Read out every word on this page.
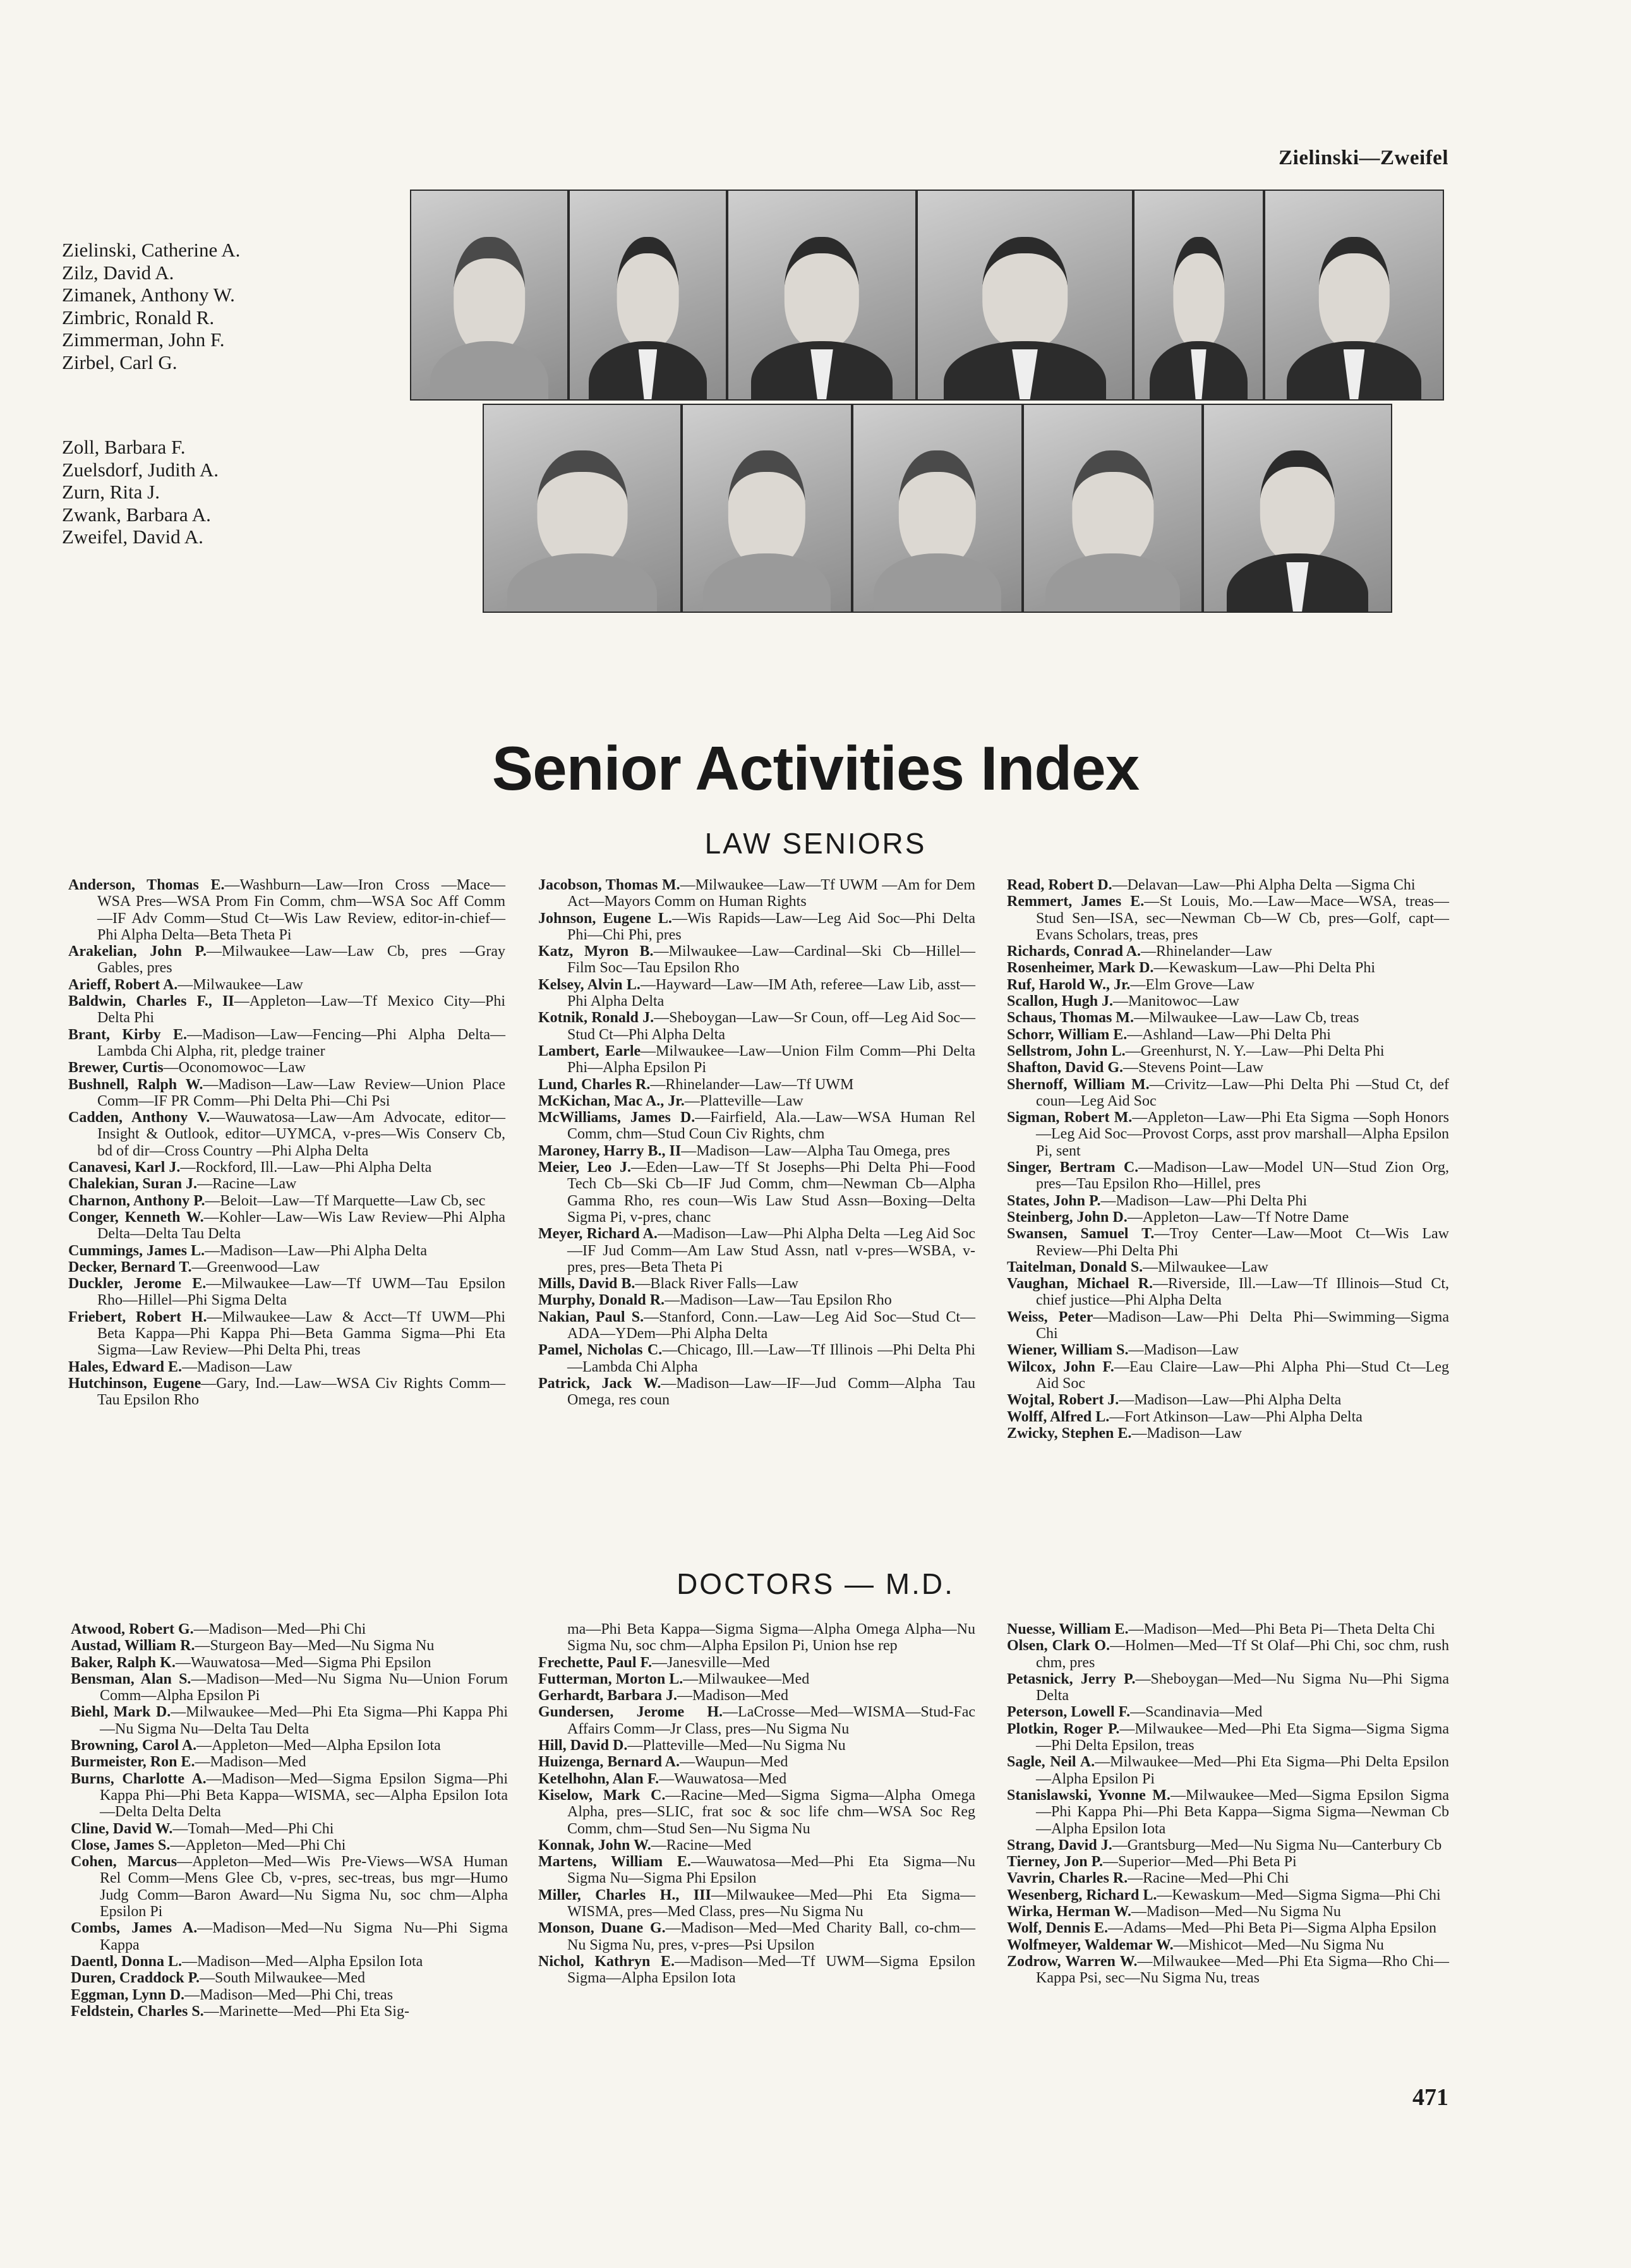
Zielinski—Zweifel
Zielinski, Catherine A.
Zilz, David A.
Zimanek, Anthony W.
Zimbric, Ronald R.
Zimmerman, John F.
Zirbel, Carl G.
Zoll, Barbara F.
Zuelsdorf, Judith A.
Zurn, Rita J.
Zwank, Barbara A.
Zweifel, David A.
Senior Activities Index
LAW SENIORS
Anderson, Thomas E.—Washburn—Law—Iron Cross —Mace—WSA Pres—WSA Prom Fin Comm, chm—WSA Soc Aff Comm—IF Adv Comm—Stud Ct—Wis Law Review, editor-in-chief—Phi Alpha Delta—Beta Theta Pi
Arakelian, John P.—Milwaukee—Law—Law Cb, pres —Gray Gables, pres
Arieff, Robert A.—Milwaukee—Law
Baldwin, Charles F., II—Appleton—Law—Tf Mexico City—Phi Delta Phi
Brant, Kirby E.—Madison—Law—Fencing—Phi Alpha Delta—Lambda Chi Alpha, rit, pledge trainer
Brewer, Curtis—Oconomowoc—Law
Bushnell, Ralph W.—Madison—Law—Law Review—Union Place Comm—IF PR Comm—Phi Delta Phi—Chi Psi
Cadden, Anthony V.—Wauwatosa—Law—Am Advocate, editor—Insight & Outlook, editor—UYMCA, v-pres—Wis Conserv Cb, bd of dir—Cross Country —Phi Alpha Delta
Canavesi, Karl J.—Rockford, Ill.—Law—Phi Alpha Delta
Chalekian, Suran J.—Racine—Law
Charnon, Anthony P.—Beloit—Law—Tf Marquette—Law Cb, sec
Conger, Kenneth W.—Kohler—Law—Wis Law Review—Phi Alpha Delta—Delta Tau Delta
Cummings, James L.—Madison—Law—Phi Alpha Delta
Decker, Bernard T.—Greenwood—Law
Duckler, Jerome E.—Milwaukee—Law—Tf UWM—Tau Epsilon Rho—Hillel—Phi Sigma Delta
Friebert, Robert H.—Milwaukee—Law & Acct—Tf UWM—Phi Beta Kappa—Phi Kappa Phi—Beta Gamma Sigma—Phi Eta Sigma—Law Review—Phi Delta Phi, treas
Hales, Edward E.—Madison—Law
Hutchinson, Eugene—Gary, Ind.—Law—WSA Civ Rights Comm—Tau Epsilon Rho
Jacobson, Thomas M.—Milwaukee—Law—Tf UWM —Am for Dem Act—Mayors Comm on Human Rights
Johnson, Eugene L.—Wis Rapids—Law—Leg Aid Soc—Phi Delta Phi—Chi Phi, pres
Katz, Myron B.—Milwaukee—Law—Cardinal—Ski Cb—Hillel—Film Soc—Tau Epsilon Rho
Kelsey, Alvin L.—Hayward—Law—IM Ath, referee—Law Lib, asst—Phi Alpha Delta
Kotnik, Ronald J.—Sheboygan—Law—Sr Coun, off—Leg Aid Soc—Stud Ct—Phi Alpha Delta
Lambert, Earle—Milwaukee—Law—Union Film Comm—Phi Delta Phi—Alpha Epsilon Pi
Lund, Charles R.—Rhinelander—Law—Tf UWM
McKichan, Mac A., Jr.—Platteville—Law
McWilliams, James D.—Fairfield, Ala.—Law—WSA Human Rel Comm, chm—Stud Coun Civ Rights, chm
Maroney, Harry B., II—Madison—Law—Alpha Tau Omega, pres
Meier, Leo J.—Eden—Law—Tf St Josephs—Phi Delta Phi—Food Tech Cb—Ski Cb—IF Jud Comm, chm—Newman Cb—Alpha Gamma Rho, res coun—Wis Law Stud Assn—Boxing—Delta Sigma Pi, v-pres, chanc
Meyer, Richard A.—Madison—Law—Phi Alpha Delta —Leg Aid Soc—IF Jud Comm—Am Law Stud Assn, natl v-pres—WSBA, v-pres, pres—Beta Theta Pi
Mills, David B.—Black River Falls—Law
Murphy, Donald R.—Madison—Law—Tau Epsilon Rho
Nakian, Paul S.—Stanford, Conn.—Law—Leg Aid Soc—Stud Ct—ADA—YDem—Phi Alpha Delta
Pamel, Nicholas C.—Chicago, Ill.—Law—Tf Illinois —Phi Delta Phi—Lambda Chi Alpha
Patrick, Jack W.—Madison—Law—IF—Jud Comm—Alpha Tau Omega, res coun
Read, Robert D.—Delavan—Law—Phi Alpha Delta —Sigma Chi
Remmert, James E.—St Louis, Mo.—Law—Mace—WSA, treas—Stud Sen—ISA, sec—Newman Cb—W Cb, pres—Golf, capt—Evans Scholars, treas, pres
Richards, Conrad A.—Rhinelander—Law
Rosenheimer, Mark D.—Kewaskum—Law—Phi Delta Phi
Ruf, Harold W., Jr.—Elm Grove—Law
Scallon, Hugh J.—Manitowoc—Law
Schaus, Thomas M.—Milwaukee—Law—Law Cb, treas
Schorr, William E.—Ashland—Law—Phi Delta Phi
Sellstrom, John L.—Greenhurst, N. Y.—Law—Phi Delta Phi
Shafton, David G.—Stevens Point—Law
Shernoff, William M.—Crivitz—Law—Phi Delta Phi —Stud Ct, def coun—Leg Aid Soc
Sigman, Robert M.—Appleton—Law—Phi Eta Sigma —Soph Honors—Leg Aid Soc—Provost Corps, asst prov marshall—Alpha Epsilon Pi, sent
Singer, Bertram C.—Madison—Law—Model UN—Stud Zion Org, pres—Tau Epsilon Rho—Hillel, pres
States, John P.—Madison—Law—Phi Delta Phi
Steinberg, John D.—Appleton—Law—Tf Notre Dame
Swansen, Samuel T.—Troy Center—Law—Moot Ct—Wis Law Review—Phi Delta Phi
Taitelman, Donald S.—Milwaukee—Law
Vaughan, Michael R.—Riverside, Ill.—Law—Tf Illinois—Stud Ct, chief justice—Phi Alpha Delta
Weiss, Peter—Madison—Law—Phi Delta Phi—Swimming—Sigma Chi
Wiener, William S.—Madison—Law
Wilcox, John F.—Eau Claire—Law—Phi Alpha Phi—Stud Ct—Leg Aid Soc
Wojtal, Robert J.—Madison—Law—Phi Alpha Delta
Wolff, Alfred L.—Fort Atkinson—Law—Phi Alpha Delta
Zwicky, Stephen E.—Madison—Law
DOCTORS — M.D.
Atwood, Robert G.—Madison—Med—Phi Chi
Austad, William R.—Sturgeon Bay—Med—Nu Sigma Nu
Baker, Ralph K.—Wauwatosa—Med—Sigma Phi Epsilon
Bensman, Alan S.—Madison—Med—Nu Sigma Nu—Union Forum Comm—Alpha Epsilon Pi
Biehl, Mark D.—Milwaukee—Med—Phi Eta Sigma—Phi Kappa Phi—Nu Sigma Nu—Delta Tau Delta
Browning, Carol A.—Appleton—Med—Alpha Epsilon Iota
Burmeister, Ron E.—Madison—Med
Burns, Charlotte A.—Madison—Med—Sigma Epsilon Sigma—Phi Kappa Phi—Phi Beta Kappa—WISMA, sec—Alpha Epsilon Iota—Delta Delta Delta
Cline, David W.—Tomah—Med—Phi Chi
Close, James S.—Appleton—Med—Phi Chi
Cohen, Marcus—Appleton—Med—Wis Pre-Views—WSA Human Rel Comm—Mens Glee Cb, v-pres, sec-treas, bus mgr—Humo Judg Comm—Baron Award—Nu Sigma Nu, soc chm—Alpha Epsilon Pi
Combs, James A.—Madison—Med—Nu Sigma Nu—Phi Sigma Kappa
Daentl, Donna L.—Madison—Med—Alpha Epsilon Iota
Duren, Craddock P.—South Milwaukee—Med
Eggman, Lynn D.—Madison—Med—Phi Chi, treas
Feldstein, Charles S.—Marinette—Med—Phi Eta Sig-
ma—Phi Beta Kappa—Sigma Sigma—Alpha Omega Alpha—Nu Sigma Nu, soc chm—Alpha Epsilon Pi, Union hse rep
Frechette, Paul F.—Janesville—Med
Futterman, Morton L.—Milwaukee—Med
Gerhardt, Barbara J.—Madison—Med
Gundersen, Jerome H.—LaCrosse—Med—WISMA—Stud-Fac Affairs Comm—Jr Class, pres—Nu Sigma Nu
Hill, David D.—Platteville—Med—Nu Sigma Nu
Huizenga, Bernard A.—Waupun—Med
Ketelhohn, Alan F.—Wauwatosa—Med
Kiselow, Mark C.—Racine—Med—Sigma Sigma—Alpha Omega Alpha, pres—SLIC, frat soc & soc life chm—WSA Soc Reg Comm, chm—Stud Sen—Nu Sigma Nu
Konnak, John W.—Racine—Med
Martens, William E.—Wauwatosa—Med—Phi Eta Sigma—Nu Sigma Nu—Sigma Phi Epsilon
Miller, Charles H., III—Milwaukee—Med—Phi Eta Sigma—WISMA, pres—Med Class, pres—Nu Sigma Nu
Monson, Duane G.—Madison—Med—Med Charity Ball, co-chm—Nu Sigma Nu, pres, v-pres—Psi Upsilon
Nichol, Kathryn E.—Madison—Med—Tf UWM—Sigma Epsilon Sigma—Alpha Epsilon Iota
Nuesse, William E.—Madison—Med—Phi Beta Pi—Theta Delta Chi
Olsen, Clark O.—Holmen—Med—Tf St Olaf—Phi Chi, soc chm, rush chm, pres
Petasnick, Jerry P.—Sheboygan—Med—Nu Sigma Nu—Phi Sigma Delta
Peterson, Lowell F.—Scandinavia—Med
Plotkin, Roger P.—Milwaukee—Med—Phi Eta Sigma—Sigma Sigma—Phi Delta Epsilon, treas
Sagle, Neil A.—Milwaukee—Med—Phi Eta Sigma—Phi Delta Epsilon—Alpha Epsilon Pi
Stanislawski, Yvonne M.—Milwaukee—Med—Sigma Epsilon Sigma—Phi Kappa Phi—Phi Beta Kappa—Sigma Sigma—Newman Cb—Alpha Epsilon Iota
Strang, David J.—Grantsburg—Med—Nu Sigma Nu—Canterbury Cb
Tierney, Jon P.—Superior—Med—Phi Beta Pi
Vavrin, Charles R.—Racine—Med—Phi Chi
Wesenberg, Richard L.—Kewaskum—Med—Sigma Sigma—Phi Chi
Wirka, Herman W.—Madison—Med—Nu Sigma Nu
Wolf, Dennis E.—Adams—Med—Phi Beta Pi—Sigma Alpha Epsilon
Wolfmeyer, Waldemar W.—Mishicot—Med—Nu Sigma Nu
Zodrow, Warren W.—Milwaukee—Med—Phi Eta Sigma—Rho Chi—Kappa Psi, sec—Nu Sigma Nu, treas
471
